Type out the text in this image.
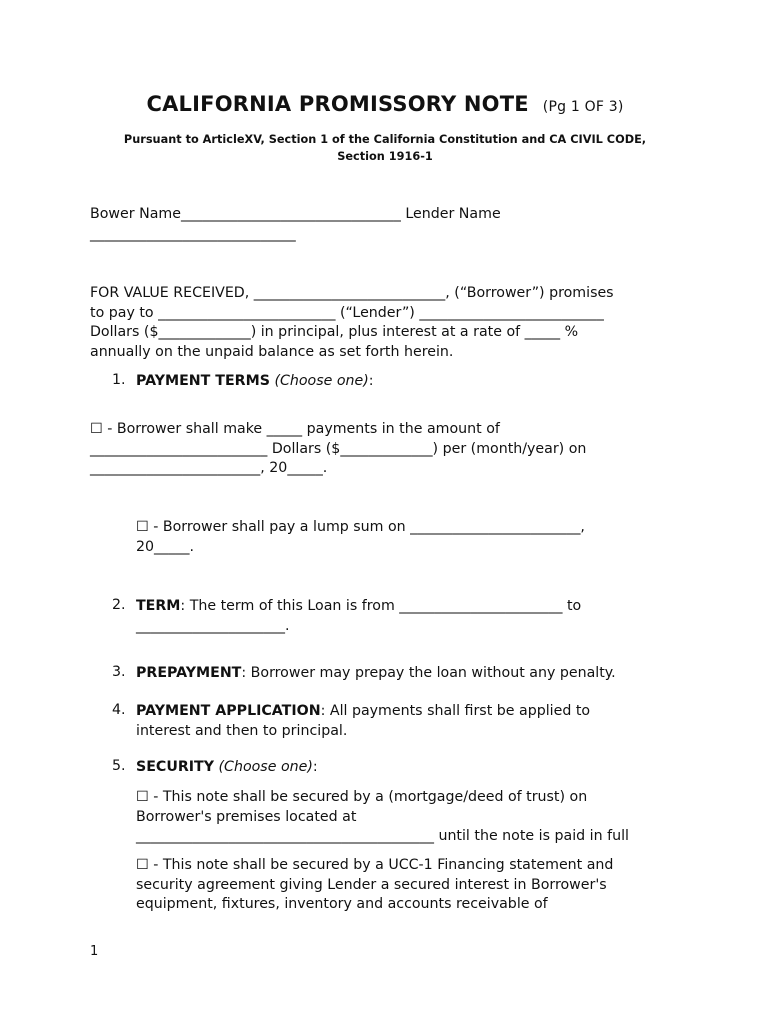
CALIFORNIA PROMISSORY NOTE (Pg 1 OF 3)
Pursuant to ArticleXV, Section 1 of the California Constitution and CA CIVIL CODE,
Section 1916-1
Bower Name_______________________________ Lender Name
_____________________________
FOR VALUE RECEIVED, ___________________________, (“Borrower”) promises
to pay to _________________________ (“Lender”) __________________________
Dollars ($_____________) in principal, plus interest at a rate of _____ %
annually on the unpaid balance as set forth herein.
1. PAYMENT TERMS (Choose one):
☐ - Borrower shall make _____ payments in the amount of
_________________________ Dollars ($_____________) per (month/year) on
________________________, 20_____.
☐ - Borrower shall pay a lump sum on ________________________,
20_____.
2. TERM: The term of this Loan is from _______________________ to
_____________________.
3. PREPAYMENT: Borrower may prepay the loan without any penalty.
4. PAYMENT APPLICATION: All payments shall first be applied to
interest and then to principal.
5. SECURITY (Choose one):
☐ - This note shall be secured by a (mortgage/deed of trust) on
Borrower's premises located at
__________________________________________ until the note is paid in full
☐ - This note shall be secured by a UCC-1 Financing statement and
security agreement giving Lender a secured interest in Borrower's
equipment, fixtures, inventory and accounts receivable of
1
